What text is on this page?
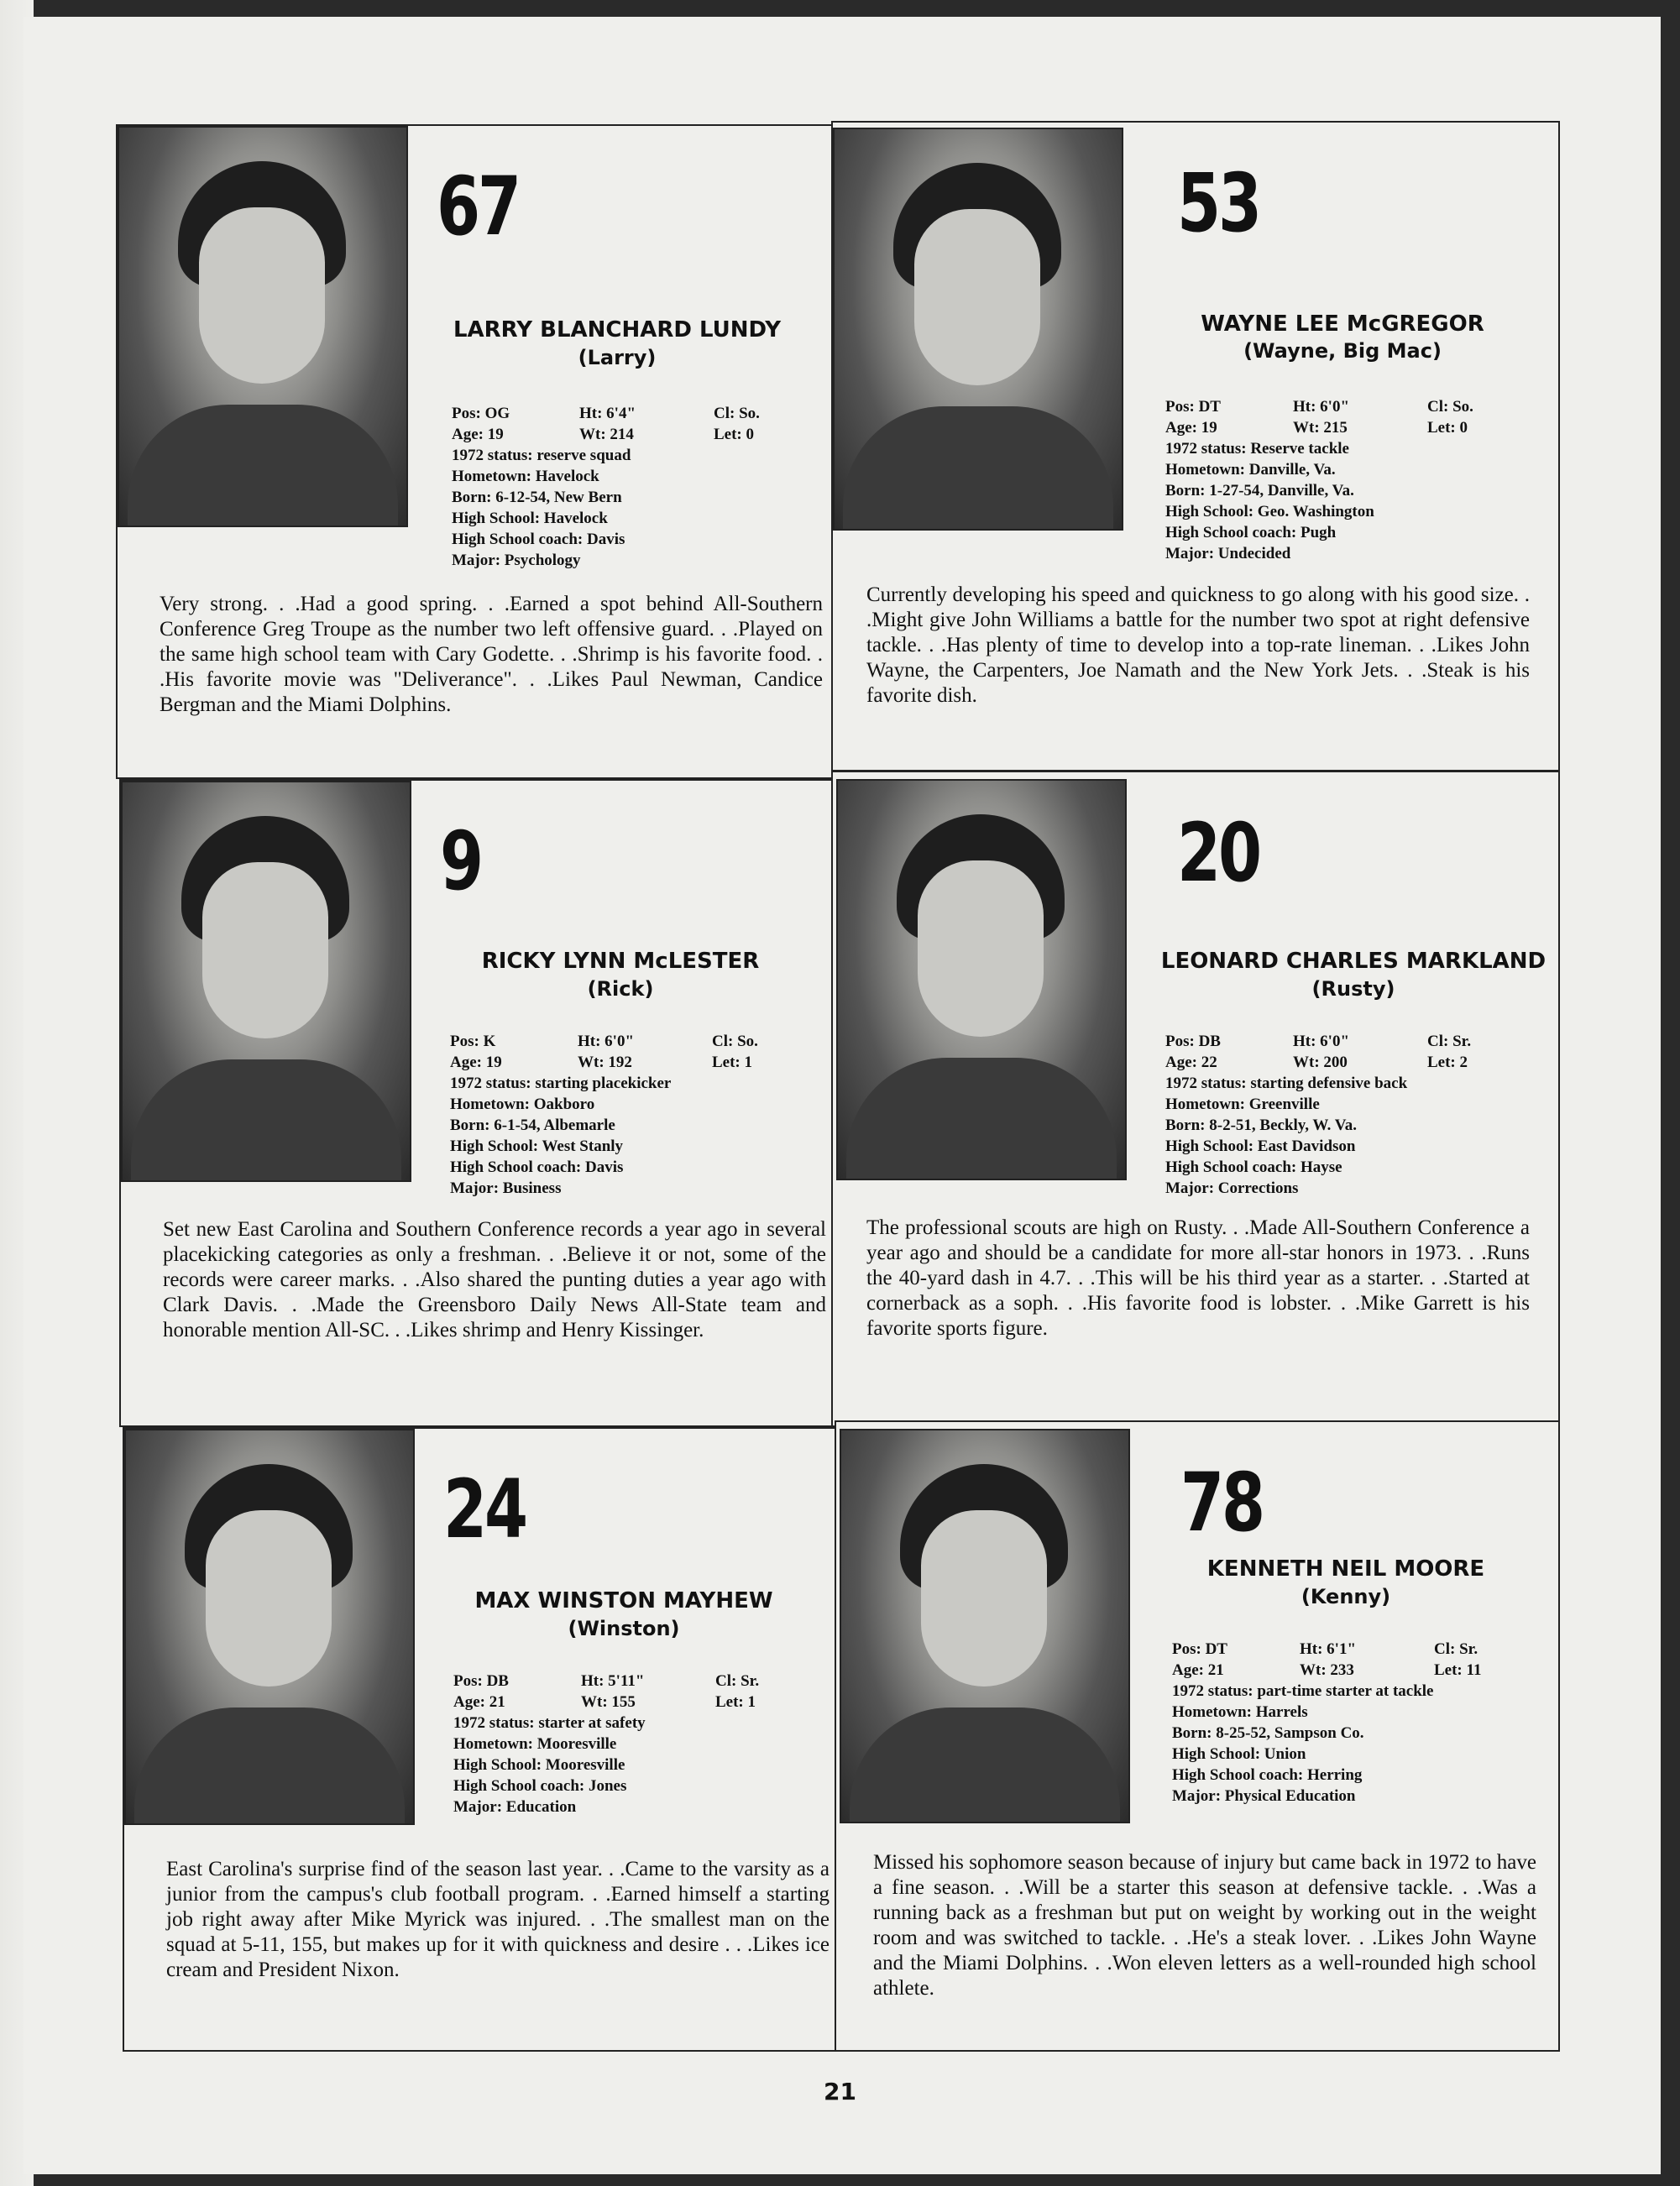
67
LARRY BLANCHARD LUNDY
(Larry)
Pos: OG	Ht: 6'4"	Cl: So.
Age: 19	Wt: 214	Let: 0
1972 status: reserve squad
Hometown: Havelock
Born: 6-12-54, New Bern
High School: Havelock
High School coach: Davis
Major: Psychology
Very strong. . .Had a good spring. . .Earned a spot behind All-Southern Conference Greg Troupe as the number two left offensive guard. . .Played on the same high school team with Cary Godette. . .Shrimp is his favorite food. . .His favorite movie was "Deliverance". . .Likes Paul Newman, Candice Bergman and the Miami Dolphins.
53
WAYNE LEE McGREGOR
(Wayne, Big Mac)
Pos: DT	Ht: 6'0"	Cl: So.
Age: 19	Wt: 215	Let: 0
1972 status: Reserve tackle
Hometown: Danville, Va.
Born: 1-27-54, Danville, Va.
High School: Geo. Washington
High School coach: Pugh
Major: Undecided
Currently developing his speed and quickness to go along with his good size. . .Might give John Williams a battle for the number two spot at right defensive tackle. . .Has plenty of time to develop into a top-rate lineman. . .Likes John Wayne, the Carpenters, Joe Namath and the New York Jets. . .Steak is his favorite dish.
9
RICKY LYNN McLESTER
(Rick)
Pos: K	Ht: 6'0"	Cl: So.
Age: 19	Wt: 192	Let: 1
1972 status: starting placekicker
Hometown: Oakboro
Born: 6-1-54, Albemarle
High School: West Stanly
High School coach: Davis
Major: Business
Set new East Carolina and Southern Conference records a year ago in several placekicking categories as only a freshman. . .Believe it or not, some of the records were career marks. . .Also shared the punting duties a year ago with Clark Davis. . .Made the Greensboro Daily News All-State team and honorable mention All-SC. . .Likes shrimp and Henry Kissinger.
20
LEONARD CHARLES MARKLAND
(Rusty)
Pos: DB	Ht: 6'0"	Cl: Sr.
Age: 22	Wt: 200	Let: 2
1972 status: starting defensive back
Hometown: Greenville
Born: 8-2-51, Beckly, W. Va.
High School: East Davidson
High School coach: Hayse
Major: Corrections
The professional scouts are high on Rusty. . .Made All-Southern Conference a year ago and should be a candidate for more all-star honors in 1973. . .Runs the 40-yard dash in 4.7. . .This will be his third year as a starter. . .Started at cornerback as a soph. . .His favorite food is lobster. . .Mike Garrett is his favorite sports figure.
24
MAX WINSTON MAYHEW
(Winston)
Pos: DB	Ht: 5'11"	Cl: Sr.
Age: 21	Wt: 155	Let: 1
1972 status: starter at safety
Hometown: Mooresville
High School: Mooresville
High School coach: Jones
Major: Education
East Carolina's surprise find of the season last year. . .Came to the varsity as a junior from the campus's club football program. . .Earned himself a starting job right away after Mike Myrick was injured. . .The smallest man on the squad at 5-11, 155, but makes up for it with quickness and desire . . .Likes ice cream and President Nixon.
78
KENNETH NEIL MOORE
(Kenny)
Pos: DT	Ht: 6'1"	Cl: Sr.
Age: 21	Wt: 233	Let: 11
1972 status: part-time starter at tackle
Hometown: Harrels
Born: 8-25-52, Sampson Co.
High School: Union
High School coach: Herring
Major: Physical Education
Missed his sophomore season because of injury but came back in 1972 to have a fine season. . .Will be a starter this season at defensive tackle. . .Was a running back as a freshman but put on weight by working out in the weight room and was switched to tackle. . .He's a steak lover. . .Likes John Wayne and the Miami Dolphins. . .Won eleven letters as a well-rounded high school athlete.
21
